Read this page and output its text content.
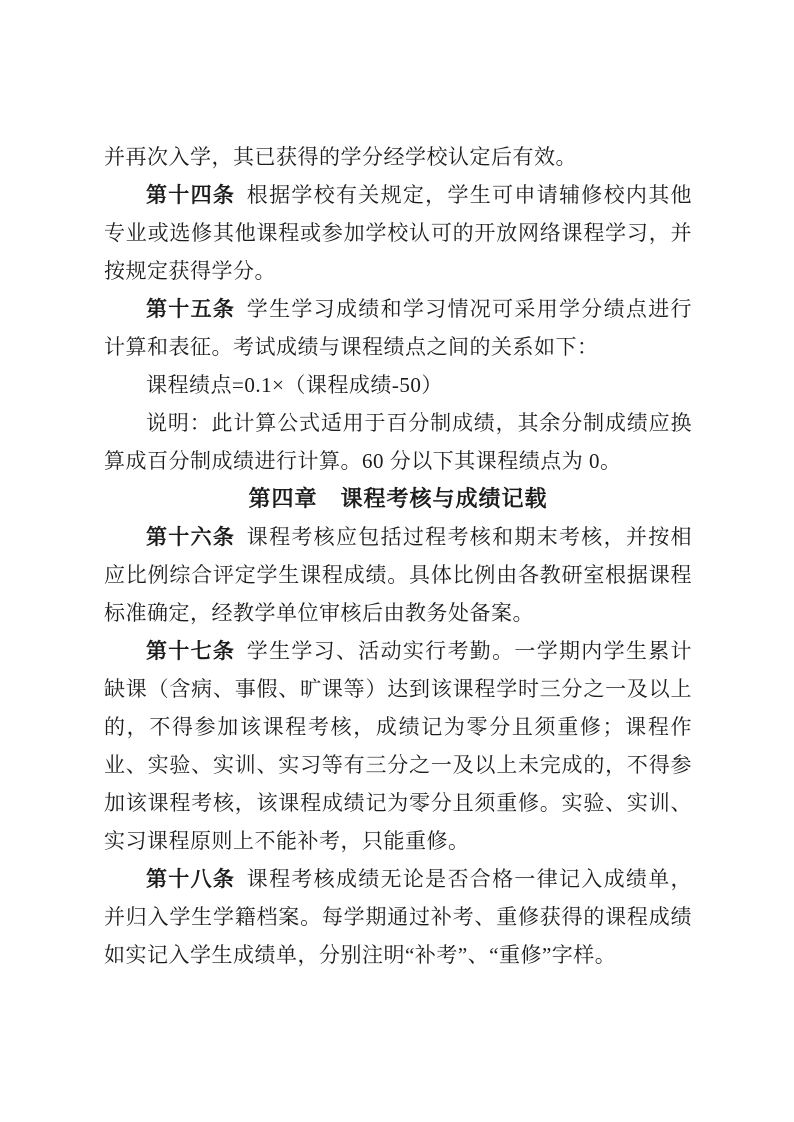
并再次入学，其已获得的学分经学校认定后有效。

第十四条 根据学校有关规定，学生可申请辅修校内其他专业或选修其他课程或参加学校认可的开放网络课程学习，并按规定获得学分。

第十五条 学生学习成绩和学习情况可采用学分绩点进行计算和表征。考试成绩与课程绩点之间的关系如下：

课程绩点=0.1×（课程成绩-50）

说明：此计算公式适用于百分制成绩，其余分制成绩应换算成百分制成绩进行计算。60 分以下其课程绩点为 0。

第四章　课程考核与成绩记载

第十六条 课程考核应包括过程考核和期末考核，并按相应比例综合评定学生课程成绩。具体比例由各教研室根据课程标准确定，经教学单位审核后由教务处备案。

第十七条 学生学习、活动实行考勤。一学期内学生累计缺课（含病、事假、旷课等）达到该课程学时三分之一及以上的，不得参加该课程考核，成绩记为零分且须重修；课程作业、实验、实训、实习等有三分之一及以上未完成的，不得参加该课程考核，该课程成绩记为零分且须重修。实验、实训、实习课程原则上不能补考，只能重修。

第十八条 课程考核成绩无论是否合格一律记入成绩单，并归入学生学籍档案。每学期通过补考、重修获得的课程成绩如实记入学生成绩单，分别注明“补考”、“重修”字样。
